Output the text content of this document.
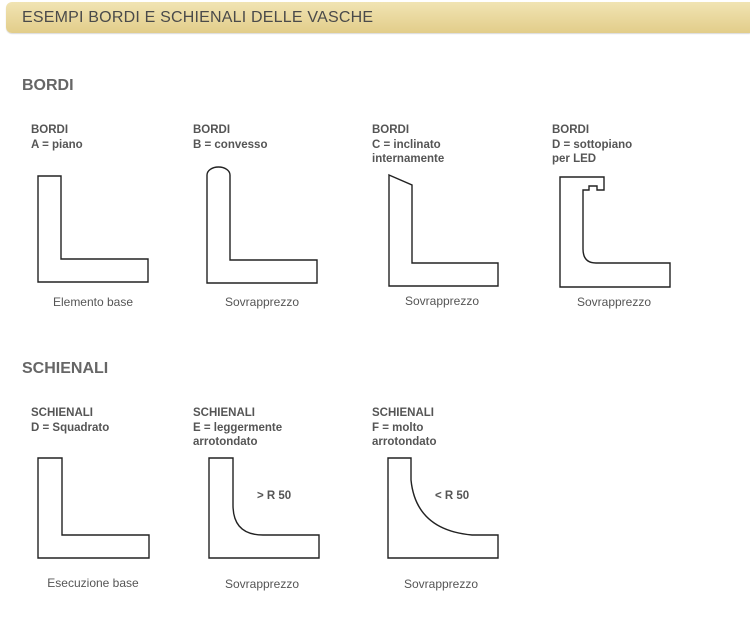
ESEMPI BORDI E SCHIENALI DELLE VASCHE
BORDI
BORDI
A = piano
Elemento base
BORDI
B = convesso
Sovrapprezzo
BORDI
C = inclinato
internamente
Sovrapprezzo
BORDI
D = sottopiano
per LED
Sovrapprezzo
SCHIENALI
SCHIENALI
D = Squadrato
Esecuzione base
SCHIENALI
E = leggermente
arrotondato
> R 50
Sovrapprezzo
SCHIENALI
F = molto
arrotondato
< R 50
Sovrapprezzo
